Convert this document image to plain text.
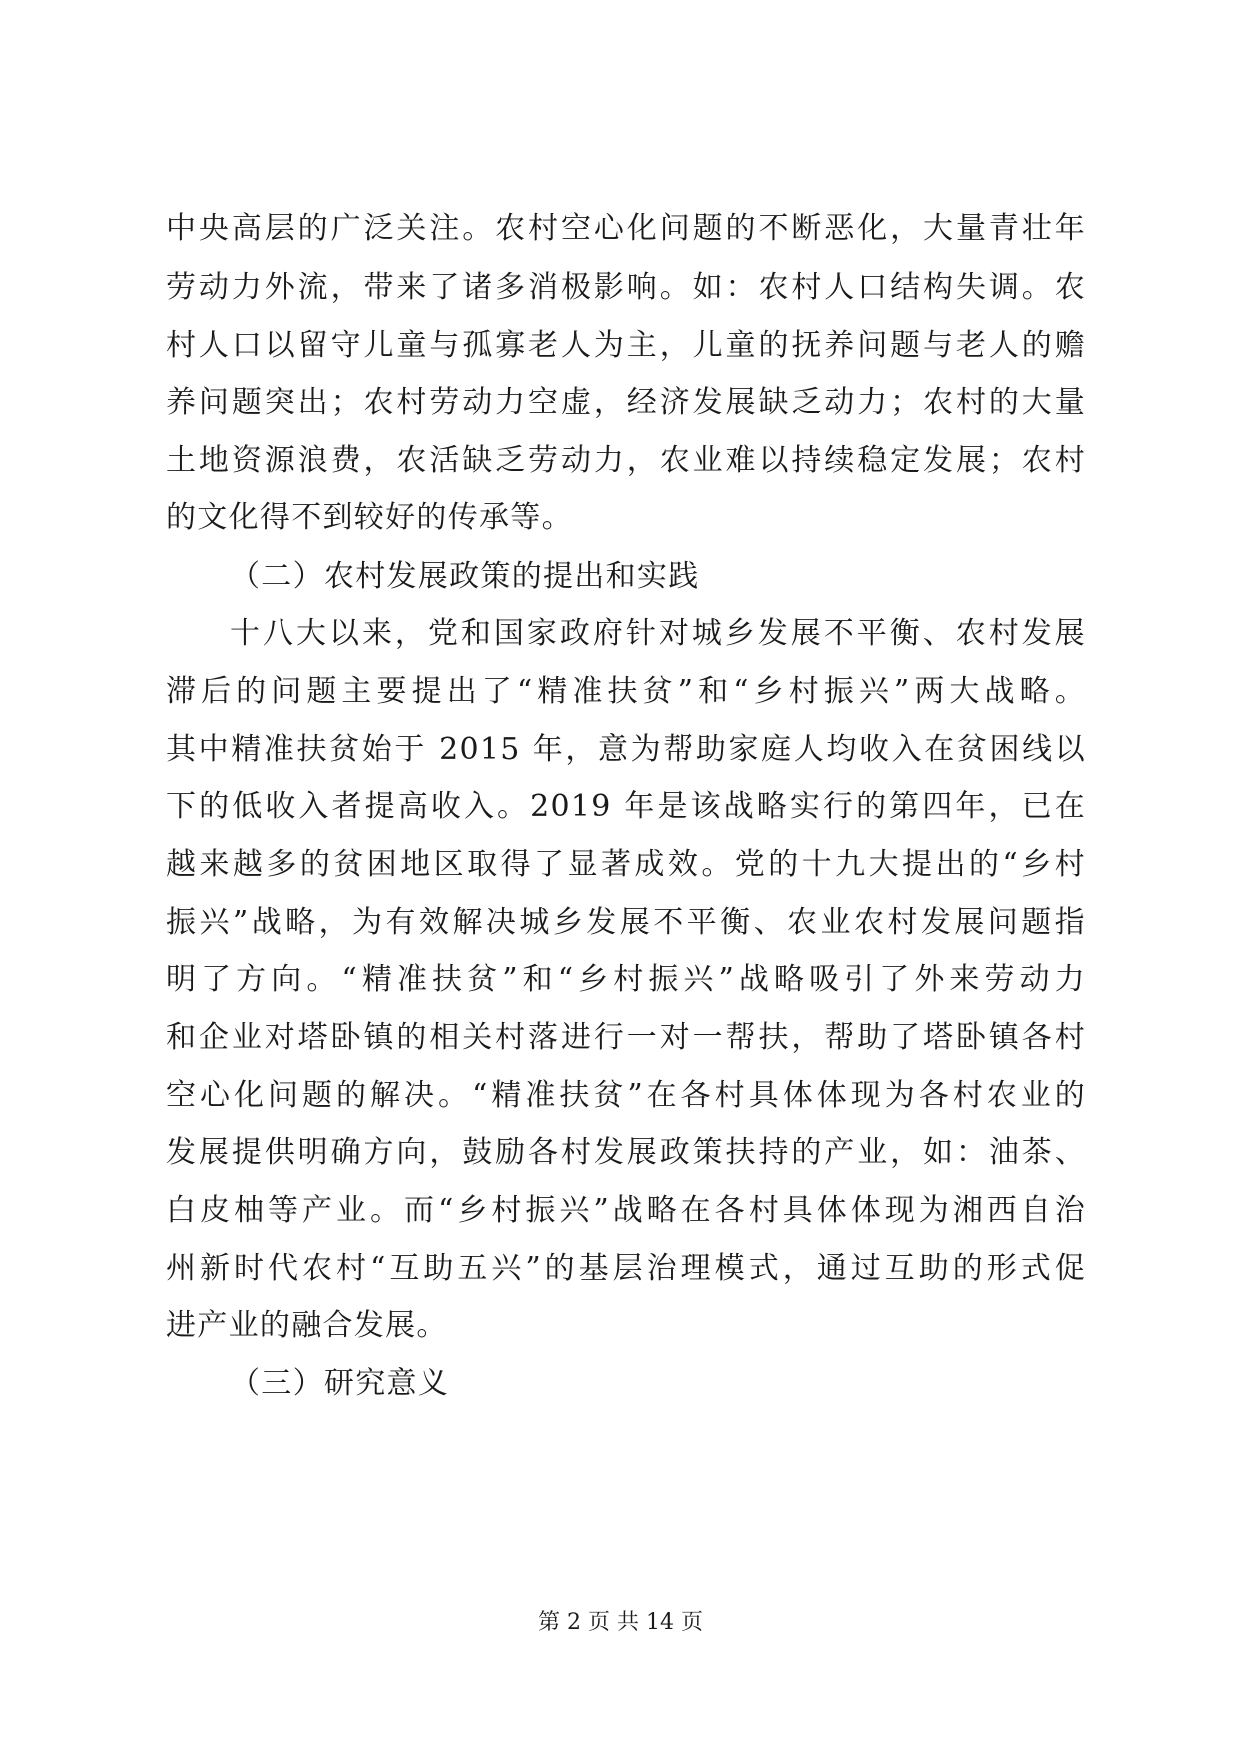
中央高层的广泛关注。农村空心化问题的不断恶化，大量青壮年
劳动力外流，带来了诸多消极影响。如：农村人口结构失调。农
村人口以留守儿童与孤寡老人为主，儿童的抚养问题与老人的赡
养问题突出；农村劳动力空虚，经济发展缺乏动力；农村的大量
土地资源浪费，农活缺乏劳动力，农业难以持续稳定发展；农村
的文化得不到较好的传承等。
（二）农村发展政策的提出和实践
十八大以来，党和国家政府针对城乡发展不平衡、农村发展
滞后的问题主要提出了“精准扶贫”和“乡村振兴”两大战略。
其中精准扶贫始于 2015 年，意为帮助家庭人均收入在贫困线以
下的低收入者提高收入。2019 年是该战略实行的第四年，已在
越来越多的贫困地区取得了显著成效。党的十九大提出的“乡村
振兴”战略，为有效解决城乡发展不平衡、农业农村发展问题指
明了方向。“精准扶贫”和“乡村振兴”战略吸引了外来劳动力
和企业对塔卧镇的相关村落进行一对一帮扶，帮助了塔卧镇各村
空心化问题的解决。“精准扶贫”在各村具体体现为各村农业的
发展提供明确方向，鼓励各村发展政策扶持的产业，如：油茶、
白皮柚等产业。而“乡村振兴”战略在各村具体体现为湘西自治
州新时代农村“互助五兴”的基层治理模式，通过互助的形式促
进产业的融合发展。
（三）研究意义
第 2 页 共 14 页
